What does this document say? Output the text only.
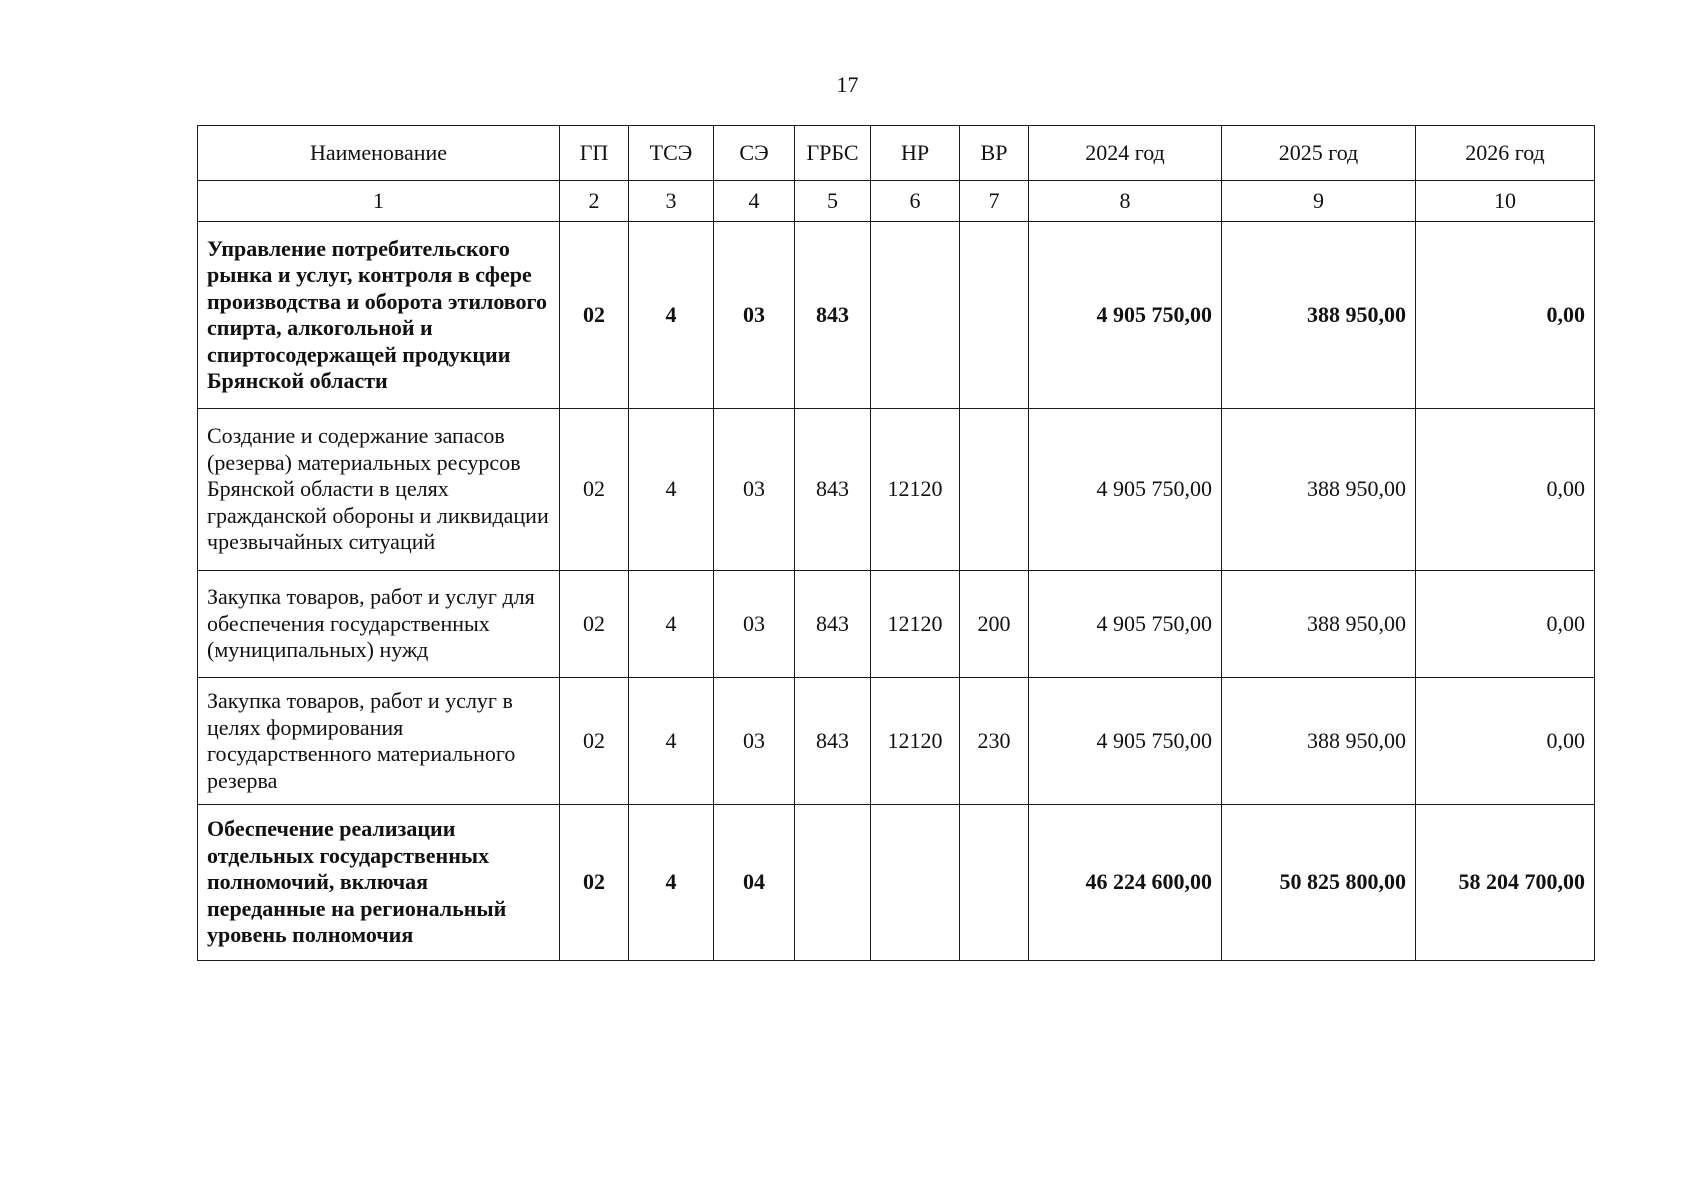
17
Наименование	ГП	ТСЭ	СЭ	ГРБС	НР	ВР	2024 год	2025 год	2026 год
1	2	3	4	5	6	7	8	9	10
Управление потребительского рынка и услуг, контроля в сфере производства и оборота этилового спирта, алкогольной и спиртосодержащей продукции Брянской области	02	4	03	843			4 905 750,00	388 950,00	0,00
Создание и содержание запасов (резерва) материальных ресурсов Брянской области в целях гражданской обороны и ликвидации чрезвычайных ситуаций	02	4	03	843	12120		4 905 750,00	388 950,00	0,00
Закупка товаров, работ и услуг для обеспечения государственных (муниципальных) нужд	02	4	03	843	12120	200	4 905 750,00	388 950,00	0,00
Закупка товаров, работ и услуг в целях формирования государственного материального резерва	02	4	03	843	12120	230	4 905 750,00	388 950,00	0,00
Обеспечение реализации отдельных государственных полномочий, включая переданные на региональный уровень полномочия	02	4	04				46 224 600,00	50 825 800,00	58 204 700,00
